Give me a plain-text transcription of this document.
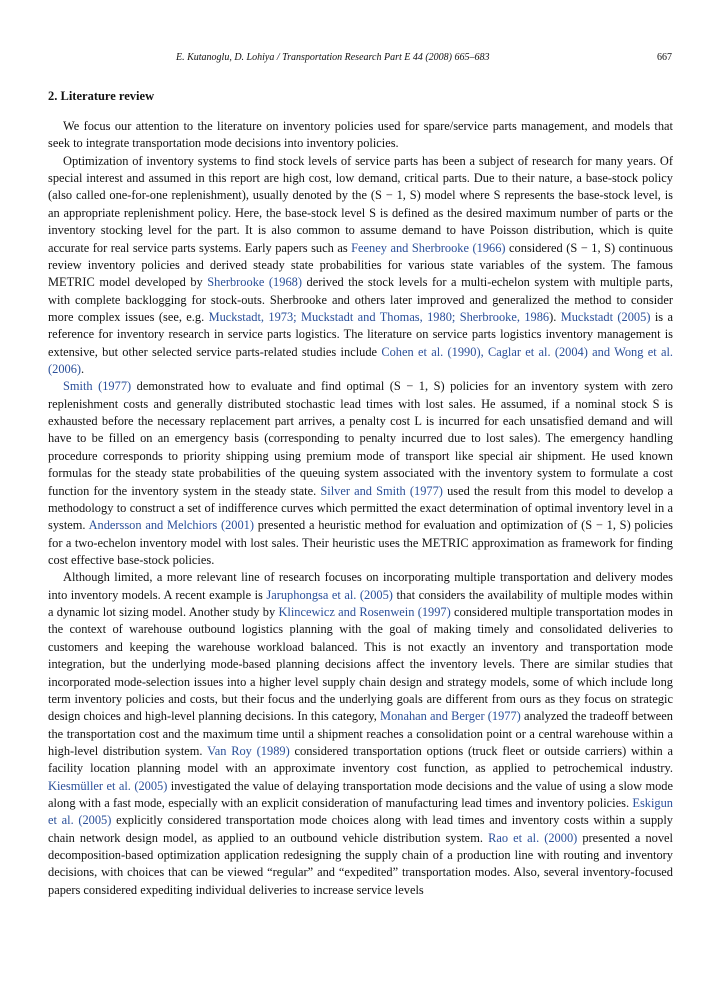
E. Kutanoglu, D. Lohiya / Transportation Research Part E 44 (2008) 665–683	667
2. Literature review

We focus our attention to the literature on inventory policies used for spare/service parts management, and models that seek to integrate transportation mode decisions into inventory policies.

Optimization of inventory systems to find stock levels of service parts has been a subject of research for many years. Of special interest and assumed in this report are high cost, low demand, critical parts. Due to their nature, a base-stock policy (also called one-for-one replenishment), usually denoted by the (S − 1, S) model where S represents the base-stock level, is an appropriate replenishment policy. Here, the base-stock level S is defined as the desired maximum number of parts or the inventory stocking level for the part. It is also common to assume demand to have Poisson distribution, which is quite accurate for real service parts systems. Early papers such as Feeney and Sherbrooke (1966) considered (S − 1, S) continuous review inventory policies and derived steady state probabilities for various state variables of the system. The famous METRIC model developed by Sherbrooke (1968) derived the stock levels for a multi-echelon system with multiple parts, with complete backlogging for stock-outs. Sherbrooke and others later improved and generalized the method to consider more complex issues (see, e.g. Muckstadt, 1973; Muckstadt and Thomas, 1980; Sherbrooke, 1986). Muckstadt (2005) is a reference for inventory research in service parts logistics. The literature on service parts logistics inventory management is extensive, but other selected service parts-related studies include Cohen et al. (1990), Caglar et al. (2004) and Wong et al. (2006).

Smith (1977) demonstrated how to evaluate and find optimal (S − 1, S) policies for an inventory system with zero replenishment costs and generally distributed stochastic lead times with lost sales. He assumed, if a nominal stock S is exhausted before the necessary replacement part arrives, a penalty cost L is incurred for each unsatisfied demand and will have to be filled on an emergency basis (corresponding to penalty incurred due to lost sales). The emergency handling procedure corresponds to priority shipping using premium mode of transport like special air shipment. He used known formulas for the steady state probabilities of the queuing system associated with the inventory system to formulate a cost function for the inventory system in the steady state. Silver and Smith (1977) used the result from this model to develop a methodology to construct a set of indifference curves which permitted the exact determination of optimal inventory level in a system. Andersson and Melchiors (2001) presented a heuristic method for evaluation and optimization of (S − 1, S) policies for a two-echelon inventory model with lost sales. Their heuristic uses the METRIC approximation as framework for finding cost effective base-stock policies.

Although limited, a more relevant line of research focuses on incorporating multiple transportation and delivery modes into inventory models. A recent example is Jaruphongsa et al. (2005) that considers the availability of multiple modes within a dynamic lot sizing model. Another study by Klincewicz and Rosenwein (1997) considered multiple transportation modes in the context of warehouse outbound logistics planning with the goal of making timely and consolidated deliveries to customers and keeping the warehouse workload balanced. This is not exactly an inventory and transportation mode integration, but the underlying mode-based planning decisions affect the inventory levels. There are similar studies that incorporated mode-selection issues into a higher level supply chain design and strategy models, some of which include long term inventory policies and costs, but their focus and the underlying goals are different from ours as they focus on strategic design choices and high-level planning decisions. In this category, Monahan and Berger (1977) analyzed the tradeoff between the transportation cost and the maximum time until a shipment reaches a consolidation point or a central warehouse within a high-level distribution system. Van Roy (1989) considered transportation options (truck fleet or outside carriers) within a facility location planning model with an approximate inventory cost function, as applied to petrochemical industry. Kiesmüller et al. (2005) investigated the value of delaying transportation mode decisions and the value of using a slow mode along with a fast mode, especially with an explicit consideration of manufacturing lead times and inventory policies. Eskigun et al. (2005) explicitly considered transportation mode choices along with lead times and inventory costs within a supply chain network design model, as applied to an outbound vehicle distribution system. Rao et al. (2000) presented a novel decomposition-based optimization application redesigning the supply chain of a production line with routing and inventory decisions, with choices that can be viewed “regular” and “expedited” transportation modes. Also, several inventory-focused papers considered expediting individual deliveries to increase service levels
